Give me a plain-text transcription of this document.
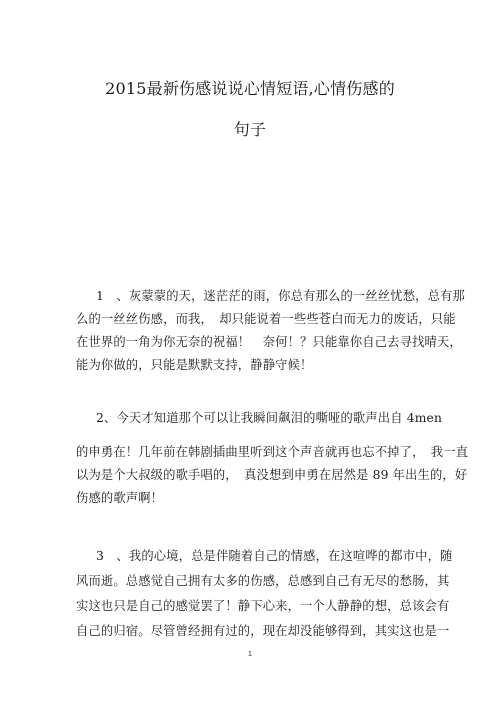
2015最新伤感说说心情短语,心情伤感的
句子
1　、灰蒙蒙的天，迷茫茫的雨，你总有那么的一丝丝忧愁，总有那
么的一丝丝伤感，而我，　却只能说着一些些苍白而无力的废话，只能
在世界的一角为你无奈的祝福！　奈何！？只能靠你自己去寻找晴天，
能为你做的，只能是默默支持，静静守候！
2、今天才知道那个可以让我瞬间飙泪的嘶哑的歌声出自 4men
的申勇在！几年前在韩剧插曲里听到这个声音就再也忘不掉了，　我一直
以为是个大叔级的歌手唱的，　真没想到申勇在居然是 89 年出生的，好
伤感的歌声啊！
3　、我的心境，总是伴随着自己的情感，在这喧哗的都市中，随
风而逝。总感觉自己拥有太多的伤感，总感到自己有无尽的愁肠，其
实这也只是自己的感觉罢了！静下心来，一个人静静的想，总该会有
自己的归宿。尽管曾经拥有过的，现在却没能够得到，其实这也是一
1
